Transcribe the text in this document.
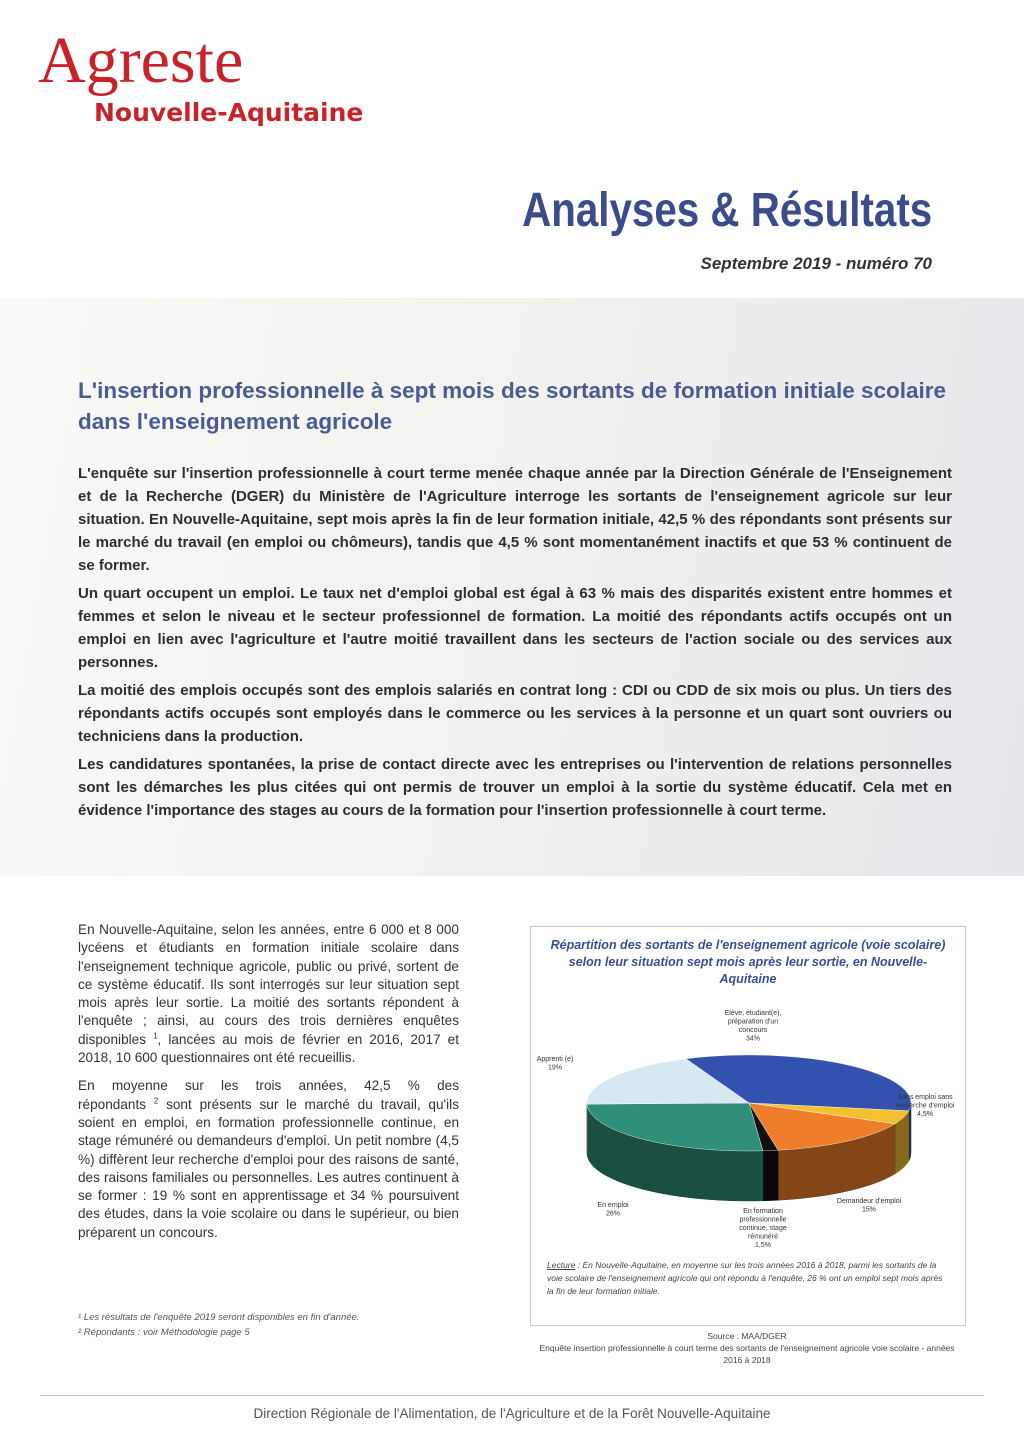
Agreste
Nouvelle-Aquitaine
Analyses & Résultats
Septembre 2019 - numéro 70
L'insertion professionnelle à sept mois des sortants de formation initiale scolaire dans l'enseignement agricole

L'enquête sur l'insertion professionnelle à court terme menée chaque année par la Direction Générale de l'Enseignement et de la Recherche (DGER) du Ministère de l'Agriculture interroge les sortants de l'enseignement agricole sur leur situation. En Nouvelle-Aquitaine, sept mois après la fin de leur formation initiale, 42,5 % des répondants sont présents sur le marché du travail (en emploi ou chômeurs), tandis que 4,5 % sont momentanément inactifs et que 53 % continuent de se former.

Un quart occupent un emploi. Le taux net d'emploi global est égal à 63 % mais des disparités existent entre hommes et femmes et selon le niveau et le secteur professionnel de formation. La moitié des répondants actifs occupés ont un emploi en lien avec l'agriculture et l'autre moitié travaillent dans les secteurs de l'action sociale ou des services aux personnes.

La moitié des emplois occupés sont des emplois salariés en contrat long : CDI ou CDD de six mois ou plus. Un tiers des répondants actifs occupés sont employés dans le commerce ou les services à la personne et un quart sont ouvriers ou techniciens dans la production.

Les candidatures spontanées, la prise de contact directe avec les entreprises ou l'intervention de relations personnelles sont les démarches les plus citées qui ont permis de trouver un emploi à la sortie du système éducatif. Cela met en évidence l'importance des stages au cours de la formation pour l'insertion professionnelle à court terme.

En Nouvelle-Aquitaine, selon les années, entre 6 000 et 8 000 lycéens et étudiants en formation initiale scolaire dans l'enseignement technique agricole, public ou privé, sortent de ce système éducatif. Ils sont interrogés sur leur situation sept mois après leur sortie. La moitié des sortants répondent à l'enquête ; ainsi, au cours des trois dernières enquêtes disponibles $^1$, lancées au mois de février en 2016, 2017 et 2018, 10 600 questionnaires ont été recueillis.

En moyenne sur les trois années, 42,5 % des répondants $^2$ sont présents sur le marché du travail, qu'ils soient en emploi, en formation professionnelle continue, en stage rémunéré ou demandeurs d'emploi. Un petit nombre (4,5 %) diffèrent leur recherche d'emploi pour des raisons de santé, des raisons familiales ou personnelles. Les autres continuent à se former : 19 % sont en apprentissage et 34 % poursuivent des études, dans la voie scolaire ou dans le supérieur, ou bien préparent un concours.

¹ Les résultats de l'enquête 2019 seront disponibles en fin d'année.
² Répondants : voir Méthodologie page 5
Répartition des sortants de l'enseignement agricole (voie scolaire) selon leur situation sept mois après leur sortie, en Nouvelle-Aquitaine
Elève, étudiant(e), préparation d'un concours 34%
Apprenti (e) 19%
Sans emploi sans recherche d'emploi 4,5%
Demandeur d'emploi 15%
En emploi 26%	En formation professionnelle continue, stage rémunéré 1,5%
Lecture : En Nouvelle-Aquitaine, en moyenne sur les trois années 2016 à 2018, parmi les sortants de la voie scolaire de l'enseignement agricole qui ont répondu à l'enquête, 26 % ont un emploi sept mois après la fin de leur formation initiale.
Source : MAA/DGER
Enquête insertion professionnelle à court terme des sortants de l'enseignement agricole voie scolaire - années 2016 à 2018
Direction Régionale de l'Alimentation, de l'Agriculture et de la Forêt Nouvelle-Aquitaine
